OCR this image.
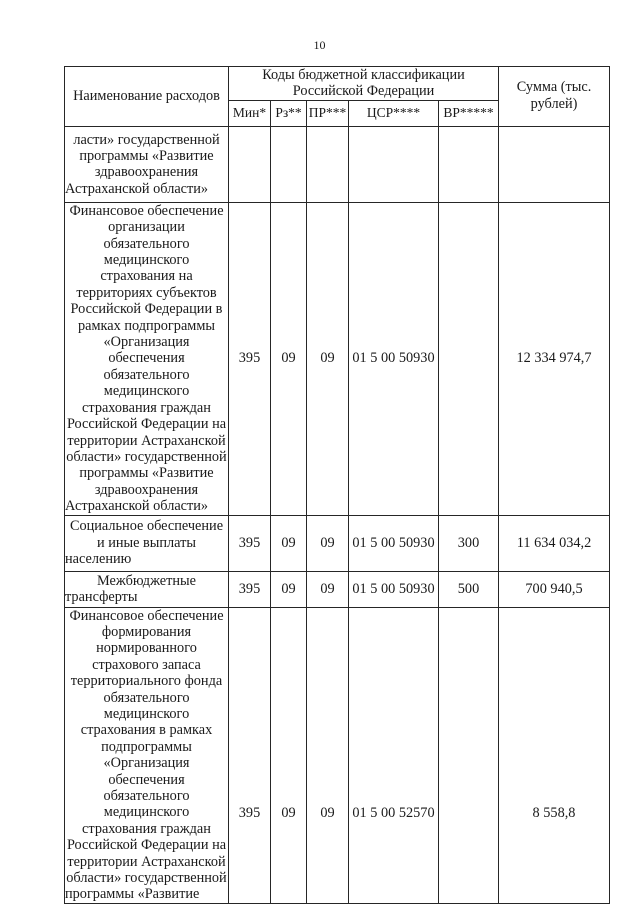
10
Наименование расходов	Коды бюджетной классификации Российской Федерации					Сумма (тыс. рублей)
	Мин*	Рз**	ПР***	ЦСР****	ВР*****	
ласти» государственной программы «Развитие здравоохранения Астраханской области»						
Финансовое обеспечение организации обязательного медицинского страхования на территориях субъектов Российской Федерации в рамках подпрограммы «Организация обеспечения обязательного медицинского страхования граждан Российской Федерации на территории Астраханской области» государственной программы «Развитие здравоохранения Астраханской области»	395	09	09	01 5 00 50930		12 334 974,7
Социальное обеспечение и иные выплаты населению	395	09	09	01 5 00 50930	300	11 634 034,2
Межбюджетные трансферты	395	09	09	01 5 00 50930	500	700 940,5
Финансовое обеспечение формирования нормированного страхового запаса территориального фонда обязательного медицинского страхования в рамках подпрограммы «Организация обеспечения обязательного медицинского страхования граждан Российской Федерации на территории Астраханской области» государственной программы «Развитие	395	09	09	01 5 00 52570		8 558,8
